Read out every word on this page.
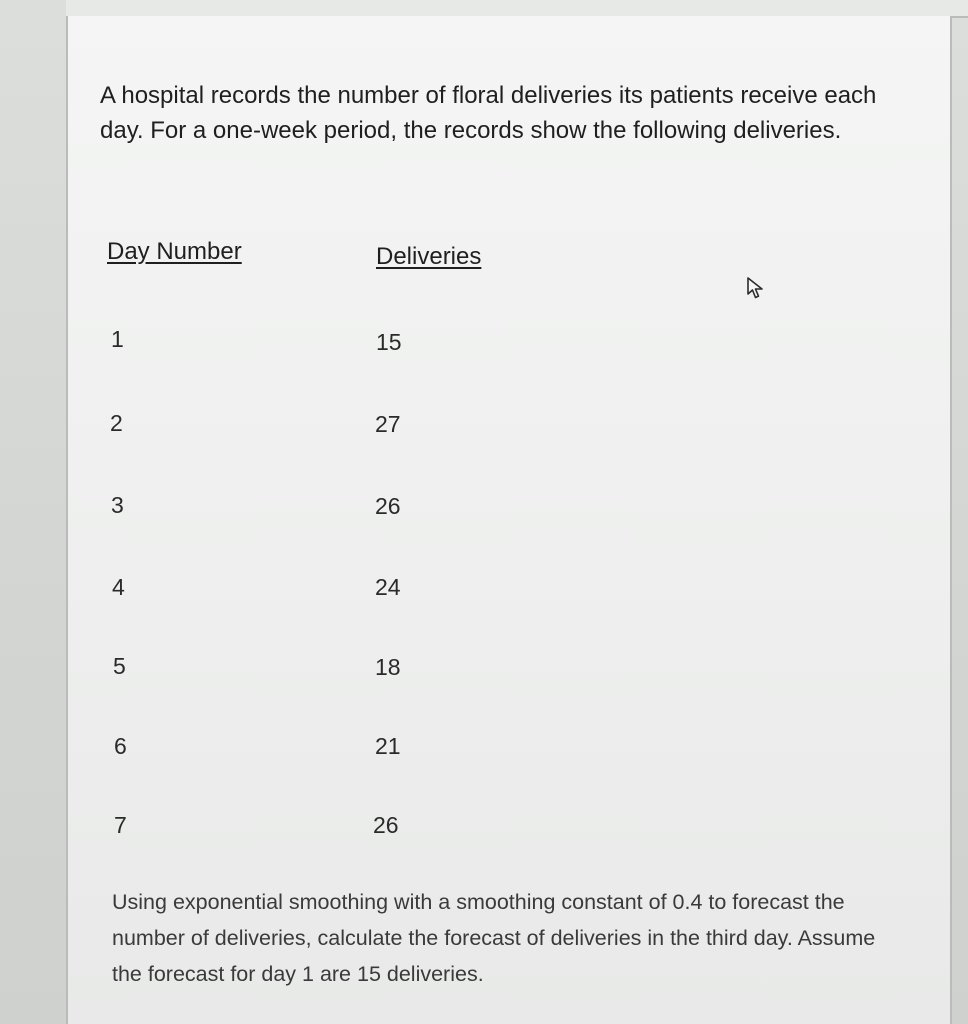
A hospital records the number of floral deliveries its patients receive each day. For a one-week period, the records show the following deliveries.

Day Number	Deliveries
1	15
2	27
3	26
4	24
5	18
6	21
7	26

Using exponential smoothing with a smoothing constant of 0.4 to forecast the number of deliveries, calculate the forecast of deliveries in the third day. Assume the forecast for day 1 are 15 deliveries.
